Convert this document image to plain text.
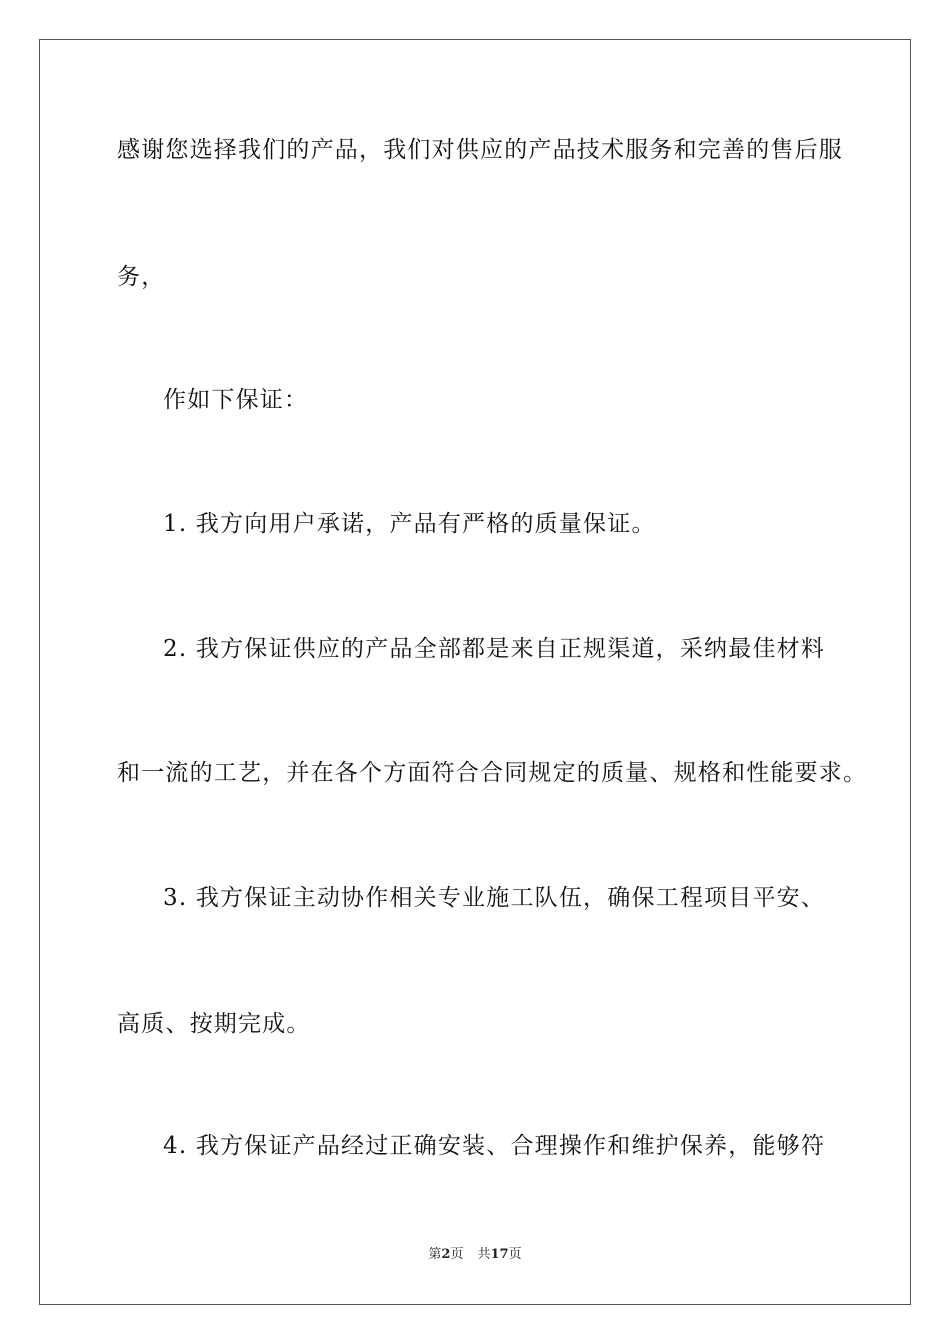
感谢您选择我们的产品，我们对供应的产品技术服务和完善的售后服
务，
作如下保证：
1. 我方向用户承诺，产品有严格的质量保证。
2. 我方保证供应的产品全部都是来自正规渠道，采纳最佳材料
和一流的工艺，并在各个方面符合合同规定的质量、规格和性能要求。
3. 我方保证主动协作相关专业施工队伍，确保工程项目平安、
高质、按期完成。
4. 我方保证产品经过正确安装、合理操作和维护保养，能够符
第2页 共17页
